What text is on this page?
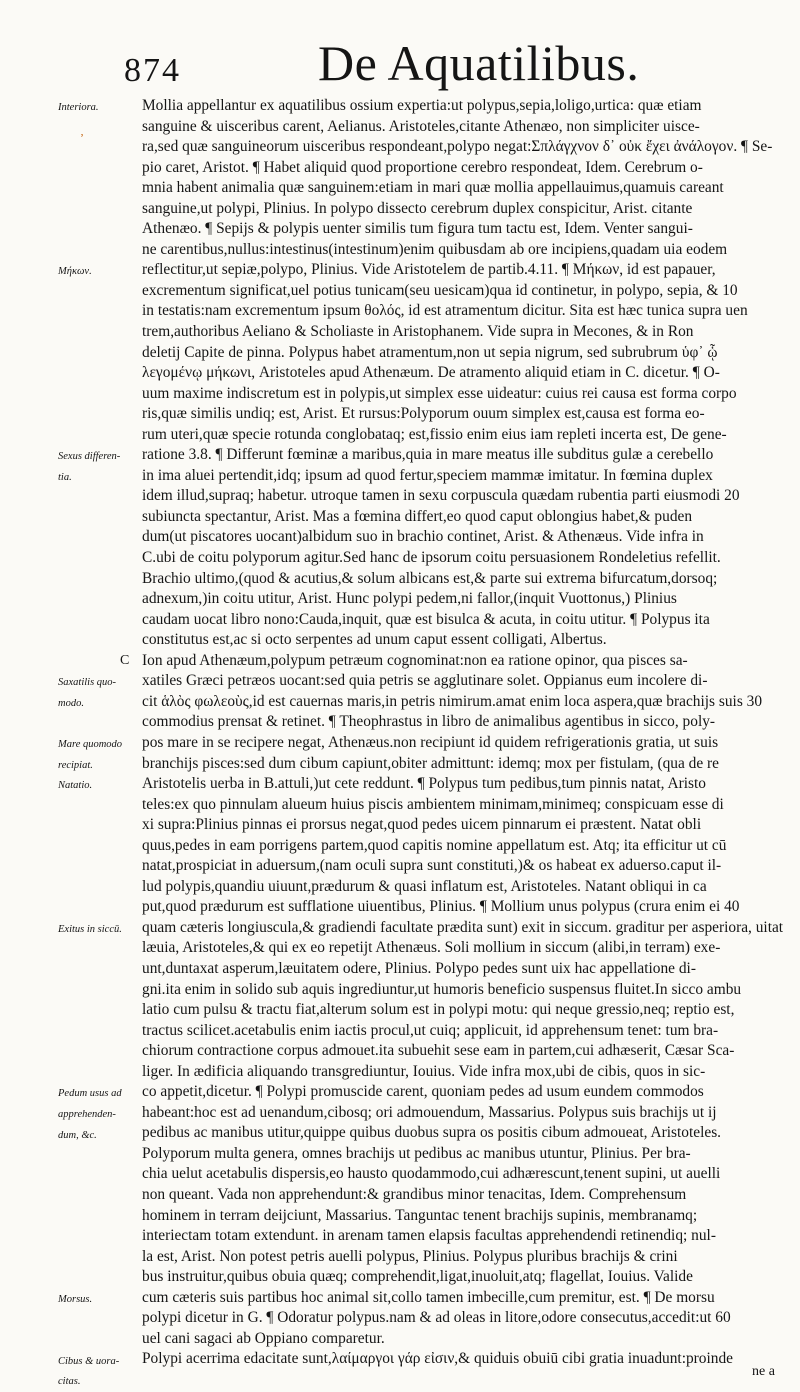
874	De Aquatilibus.
‚
Mollia appellantur ex aquatilibus ossium expertia:ut polypus,sepia,loligo,urtica: quæ etiam
sanguine & uisceribus carent, Aelianus. Aristoteles,citante Athenæo, non simpliciter uisce-
ra,sed quæ sanguineorum uisceribus respondeant,polypo negat:Σπλάγχνον δ᾽ οὐκ ἔχει ἀνάλογον. ¶ Se-
pio caret, Aristot. ¶ Habet aliquid quod proportione cerebro respondeat, Idem. Cerebrum o-
mnia habent animalia quæ sanguinem:etiam in mari quæ mollia appellauimus,quamuis careant
sanguine,ut polypi, Plinius. In polypo dissecto cerebrum duplex conspicitur, Arist. citante
Athenæo. ¶ Sepijs & polypis uenter similis tum figura tum tactu est, Idem. Venter sangui-
ne carentibus,nullus:intestinus(intestinum)enim quibusdam ab ore incipiens,quadam uia eodem
reflectitur,ut sepiæ,polypo, Plinius. Vide Aristotelem de partib.4.11. ¶ Μήκων, id est papauer,
excrementum significat,uel potius tunicam(seu uesicam)qua id continetur, in polypo, sepia, & 10
in testatis:nam excrementum ipsum θολός, id est atramentum dicitur. Sita est hæc tunica supra uen
trem,authoribus Aeliano & Scholiaste in Aristophanem. Vide supra in Mecones, & in Ron
deletij Capite de pinna. Polypus habet atramentum,non ut sepia nigrum, sed subrubrum ὑφ᾽ ᾧ
λεγομένῳ μήκωνι, Aristoteles apud Athenæum. De atramento aliquid etiam in C. dicetur. ¶ O-
uum maxime indiscretum est in polypis,ut simplex esse uideatur: cuius rei causa est forma corpo
ris,quæ similis undiq; est, Arist. Et rursus:Polyporum ouum simplex est,causa est forma eo-
rum uteri,quæ specie rotunda conglobataq; est,fissio enim eius iam repleti incerta est, De gene-
ratione 3.8. ¶ Differunt fœminæ a maribus,quia in mare meatus ille subditus gulæ a cerebello
in ima aluei pertendit,idq; ipsum ad quod fertur,speciem mammæ imitatur. In fœmina duplex
idem illud,supraq; habetur. utroque tamen in sexu corpuscula quædam rubentia parti eiusmodi 20
subiuncta spectantur, Arist. Mas a fœmina differt,eo quod caput oblongius habet,& puden
dum(ut piscatores uocant)albidum suo in brachio continet, Arist. & Athenæus. Vide infra in
C.ubi de coitu polyporum agitur.Sed hanc de ipsorum coitu persuasionem Rondeletius refellit.
Brachio ultimo,(quod & acutius,& solum albicans est,& parte sui extrema bifurcatum,dorsoq;
adnexum,)in coitu utitur, Arist. Hunc polypi pedem,ni fallor,(inquit Vuottonus,) Plinius
caudam uocat libro nono:Cauda,inquit, quæ est bisulca & acuta, in coitu utitur. ¶ Polypus ita
constitutus est,ac si octo serpentes ad unum caput essent colligati, Albertus.
Ion apud Athenæum,polypum petræum cognominat:non ea ratione opinor, qua pisces sa-
xatiles Græci petræos uocant:sed quia petris se agglutinare solet. Oppianus eum incolere di-
cit ἁλὸς φωλεοὺς,id est cauernas maris,in petris nimirum.amat enim loca aspera,quæ brachijs suis 30
commodius prensat & retinet. ¶ Theophrastus in libro de animalibus agentibus in sicco, poly-
pos mare in se recipere negat, Athenæus.non recipiunt id quidem refrigerationis gratia, ut suis
branchijs pisces:sed dum cibum capiunt,obiter admittunt: idemq; mox per fistulam, (qua de re
Aristotelis uerba in B.attuli,)ut cete reddunt. ¶ Polypus tum pedibus,tum pinnis natat, Aristo
teles:ex quo pinnulam alueum huius piscis ambientem minimam,minimeq; conspicuam esse di
xi supra:Plinius pinnas ei prorsus negat,quod pedes uicem pinnarum ei præstent. Natat obli
quus,pedes in eam porrigens partem,quod capitis nomine appellatum est. Atq; ita efficitur ut cū
natat,prospiciat in aduersum,(nam oculi supra sunt constituti,)& os habeat ex aduerso.caput il-
lud polypis,quandiu uiuunt,prædurum & quasi inflatum est, Aristoteles. Natant obliqui in ca
put,quod prædurum est sufflatione uiuentibus, Plinius. ¶ Mollium unus polypus (crura enim ei 40
quam cæteris longiuscula,& gradiendi facultate prædita sunt) exit in siccum. graditur per asperiora, uitat
læuia, Aristoteles,& qui ex eo repetijt Athenæus. Soli mollium in siccum (alibi,in terram) exe-
unt,duntaxat asperum,læuitatem odere, Plinius. Polypo pedes sunt uix hac appellatione di-
gni.ita enim in solido sub aquis ingrediuntur,ut humoris beneficio suspensus fluitet.In sicco ambu
latio cum pulsu & tractu fiat,alterum solum est in polypi motu: qui neque gressio,neq; reptio est,
tractus scilicet.acetabulis enim iactis procul,ut cuiq; applicuit, id apprehensum tenet: tum bra-
chiorum contractione corpus admouet.ita subuehit sese eam in partem,cui adhæserit, Cæsar Sca-
liger. In ædificia aliquando transgrediuntur, Iouius. Vide infra mox,ubi de cibis, quos in sic-
co appetit,dicetur. ¶ Polypi promuscide carent, quoniam pedes ad usum eundem commodos
habeant:hoc est ad uenandum,cibosq; ori admouendum, Massarius. Polypus suis brachijs ut ij
pedibus ac manibus utitur,quippe quibus duobus supra os positis cibum admoueat, Aristoteles.
Polyporum multa genera, omnes brachijs ut pedibus ac manibus utuntur, Plinius. Per bra-
chia uelut acetabulis dispersis,eo hausto quodammodo,cui adhærescunt,tenent supini, ut auelli
non queant. Vada non apprehendunt:& grandibus minor tenacitas, Idem. Comprehensum
hominem in terram deijciunt, Massarius. Tanguntac tenent brachijs supinis, membranamq;
interiectam totam extendunt. in arenam tamen elapsis facultas apprehendendi retinendiq; nul-
la est, Arist. Non potest petris auelli polypus, Plinius. Polypus pluribus brachijs & crini
bus instruitur,quibus obuia quæq; comprehendit,ligat,inuoluit,atq; flagellat, Iouius. Valide
cum cæteris suis partibus hoc animal sit,collo tamen imbecille,cum premitur, est. ¶ De morsu
polypi dicetur in G. ¶ Odoratur polypus.nam & ad oleas in litore,odore consecutus,accedit:ut 60
uel cani sagaci ab Oppiano comparetur.
Polypi acerrima edacitate sunt,λαίμαργοι γάρ εἰσιν,& quiduis obuiū cibi gratia inuadunt:proinde
Interiora.
Μήκων.
Sexus differen-
tia.
Saxatilis quo-
modo.
Mare quomodo
recipiat.
Natatio.
Exitus in siccū.
Pedum usus ad
apprehenden-
dum, &c.
Morsus.
Cibus & uora-
citas.
C
ne a
